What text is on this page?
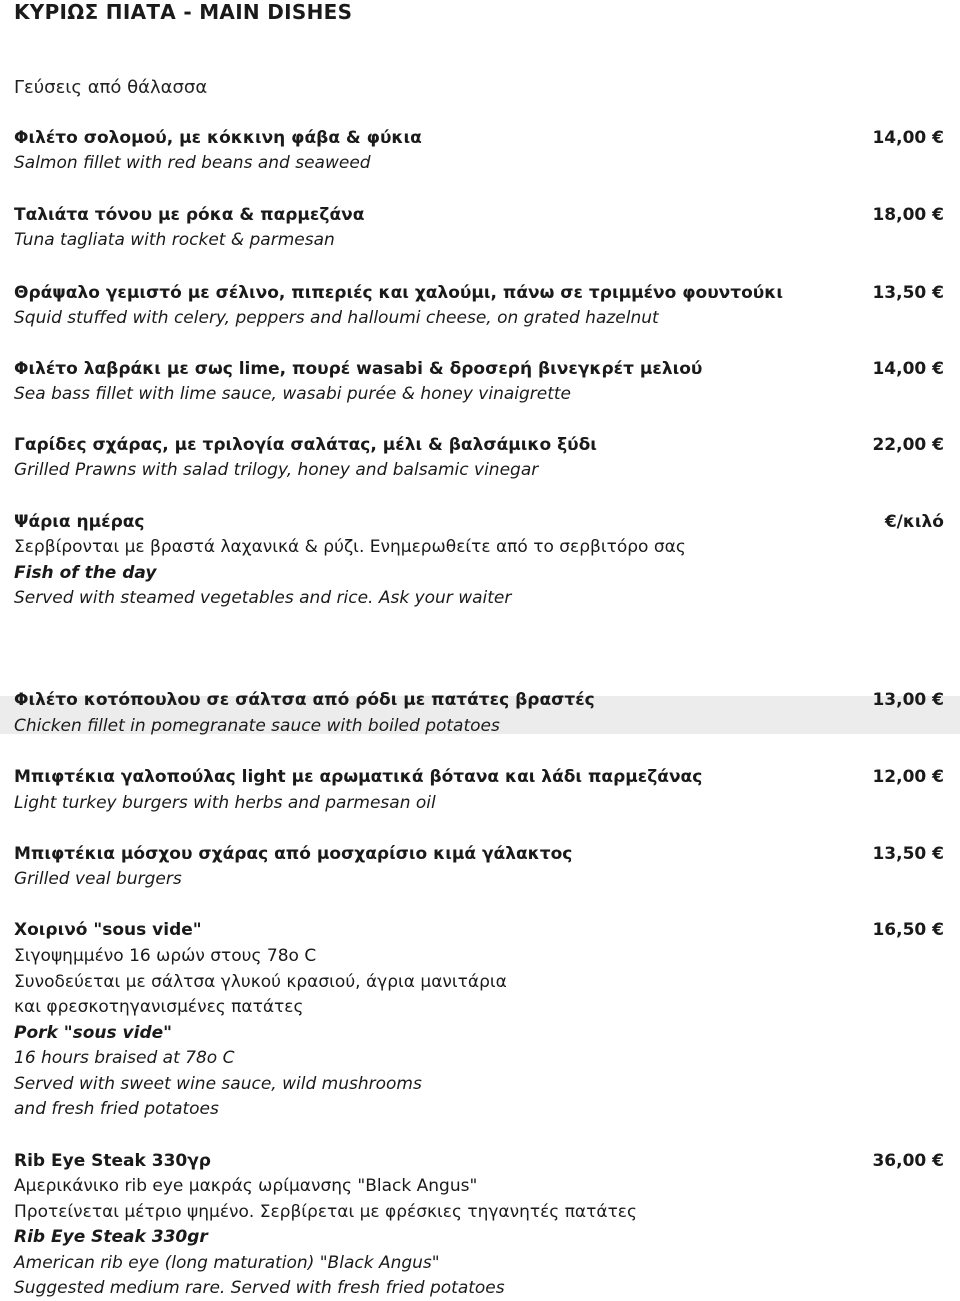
ΚΥΡΙΩΣ ΠΙΑΤΑ - MAIN DISHES
Γεύσεις από θάλασσα
Φιλέτο σολομού, με κόκκινη φάβα & φύκια	14,00 €
Salmon fillet with red beans and seaweed
Ταλιάτα τόνου με ρόκα & παρμεζάνα	18,00 €
Tuna tagliata with rocket & parmesan
Θράψαλο γεμιστό με σέλινο, πιπεριές και χαλούμι, πάνω σε τριμμένο φουντούκι	13,50 €
Squid stuffed with celery, peppers and halloumi cheese, on grated hazelnut
Φιλέτο λαβράκι με σως lime, πουρέ wasabi & δροσερή βινεγκρέτ μελιού	14,00 €
Sea bass fillet with lime sauce, wasabi purée & honey vinaigrette
Γαρίδες σχάρας, με τριλογία σαλάτας, μέλι & βαλσάμικο ξύδι	22,00 €
Grilled Prawns with salad trilogy, honey and balsamic vinegar
Ψάρια ημέρας	€/κιλό
Σερβίρονται με βραστά λαχανικά & ρύζι. Ενημερωθείτε από το σερβιτόρο σας
Fish of the day
Served with steamed vegetables and rice. Ask your waiter
Φιλέτο κοτόπουλου σε σάλτσα από ρόδι με πατάτες βραστές	13,00 €
Chicken fillet in pomegranate sauce with boiled potatoes
Μπιφτέκια γαλοπούλας light με αρωματικά βότανα και λάδι παρμεζάνας	12,00 €
Light turkey burgers with herbs and parmesan oil
Μπιφτέκια μόσχου σχάρας από μοσχαρίσιο κιμά γάλακτος	13,50 €
Grilled veal burgers
Χοιρινό "sous vide"	16,50 €
Σιγοψημμένο 16 ωρών στους 78ο C
Συνοδεύεται με σάλτσα γλυκού κρασιού, άγρια μανιτάρια
και φρεσκοτηγανισμένες πατάτες
Pork "sous vide"
16 hours braised at 78ο C
Served with sweet wine sauce, wild mushrooms
and fresh fried potatoes
Rib Eye Steak 330γρ	36,00 €
Αμερικάνικο rib eye μακράς ωρίμανσης "Black Angus"
Προτείνεται μέτριο ψημένο. Σερβίρεται με φρέσκιες τηγανητές πατάτες
Rib Eye Steak 330gr
American rib eye (long maturation) "Black Angus"
Suggested medium rare. Served with fresh fried potatoes
